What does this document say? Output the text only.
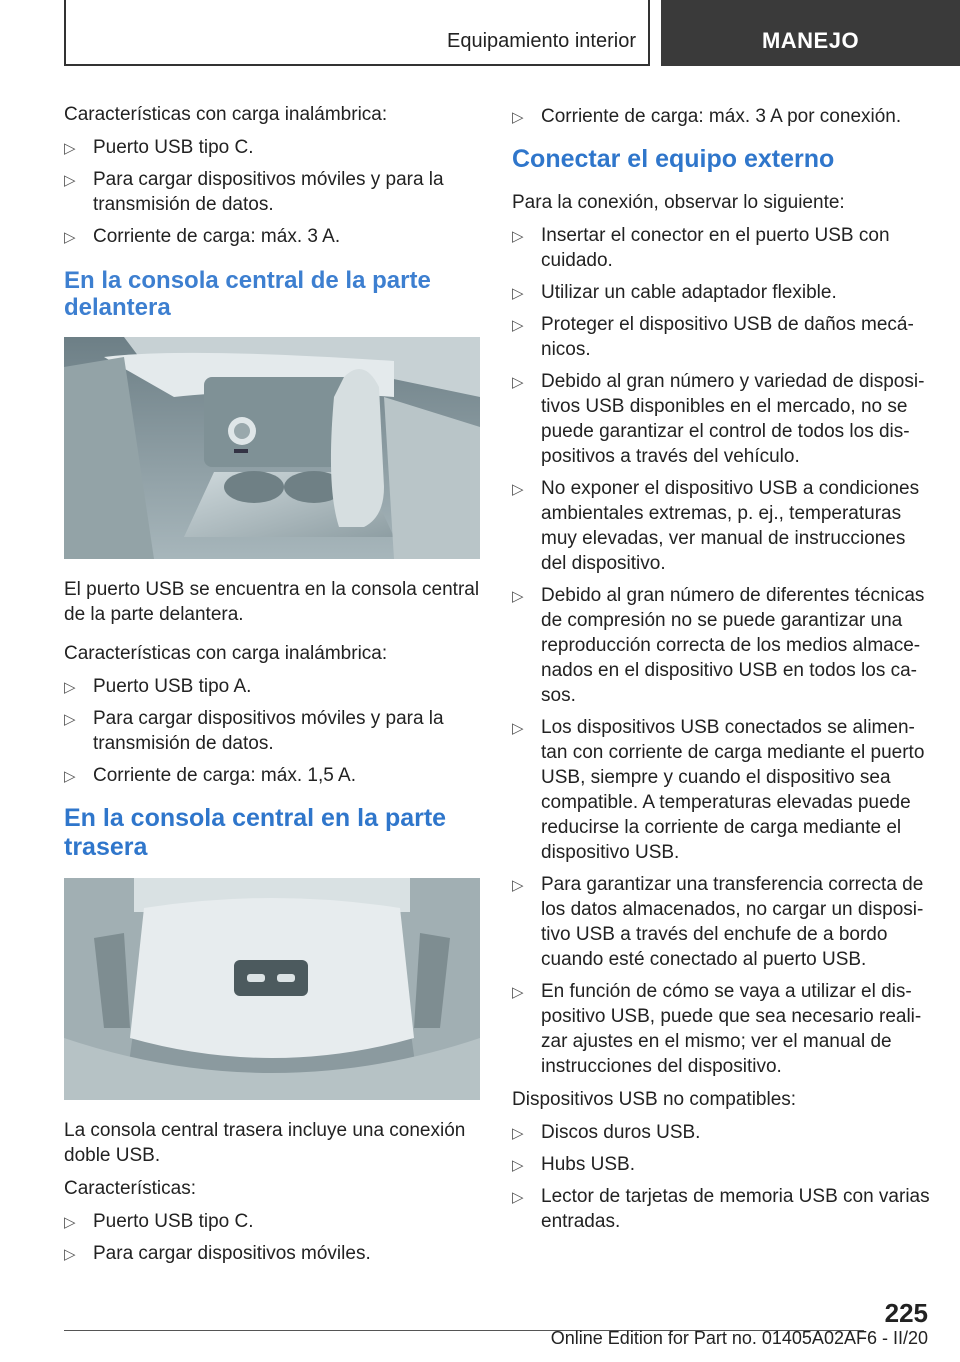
Equipamiento interior	MANEJO

Características con carga inalámbrica:

▷ Puerto USB tipo C.
▷ Para cargar dispositivos móviles y para la transmisión de datos.
▷ Corriente de carga: máx. 3 A.
En la consola central de la parte delantera

El puerto USB se encuentra en la consola central de la parte delantera.

Características con carga inalámbrica:

▷ Puerto USB tipo A.
▷ Para cargar dispositivos móviles y para la transmisión de datos.
▷ Corriente de carga: máx. 1,5 A.
En la consola central en la parte trasera

La consola central trasera incluye una conexión doble USB.

Características:

▷ Puerto USB tipo C.
▷ Para cargar dispositivos móviles.
▷ Corriente de carga: máx. 3 A por conexión.
Conectar el equipo externo

Para la conexión, observar lo siguiente:

▷ Insertar el conector en el puerto USB con cuidado.
▷ Utilizar un cable adaptador flexible.
▷ Proteger el dispositivo USB de daños mecánicos.
▷ Debido al gran número y variedad de dispositivos USB disponibles en el mercado, no se puede garantizar el control de todos los dispositivos a través del vehículo.
▷ No exponer el dispositivo USB a condiciones ambientales extremas, p. ej., temperaturas muy elevadas, ver manual de instrucciones del dispositivo.
▷ Debido al gran número de diferentes técnicas de compresión no se puede garantizar una reproducción correcta de los medios almacenados en el dispositivo USB en todos los casos.
▷ Los dispositivos USB conectados se alimentan con corriente de carga mediante el puerto USB, siempre y cuando el dispositivo sea compatible. A temperaturas elevadas puede reducirse la corriente de carga mediante el dispositivo USB.
▷ Para garantizar una transferencia correcta de los datos almacenados, no cargar un dispositivo USB a través del enchufe de a bordo cuando esté conectado al puerto USB.
▷ En función de cómo se vaya a utilizar el dispositivo USB, puede que sea necesario realizar ajustes en el mismo; ver el manual de instrucciones del dispositivo.

Dispositivos USB no compatibles:

▷ Discos duros USB.
▷ Hubs USB.
▷ Lector de tarjetas de memoria USB con varias entradas.
225
Online Edition for Part no. 01405A02AF6 - II/20
